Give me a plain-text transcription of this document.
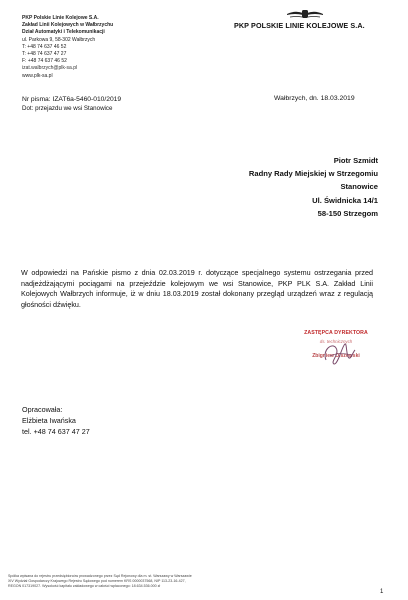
PKP Polskie Linie Kolejowe S.A.
Zakład Linii Kolejowych w Wałbrzychu
Dział Automatyki i Telekomunikacji
ul. Parkowa 9, 58-302 Wałbrzych
T: +48 74 637 46 52
T: +48 74 637 47 27
F: +48 74 637 46 52
izat.walbrzych@plk-sa.pl
www.plk-sa.pl
PKP POLSKIE LINIE KOLEJOWE S.A.
Nr pisma: IZAT6a-5460-010/2019
Dot: przejazdu we wsi Stanowice
Wałbrzych, dn. 18.03.2019
Piotr Szmidt
Radny Rady Miejskiej w Strzegomiu
Stanowice
Ul. Świdnicka 14/1
58-150 Strzegom
W odpowiedzi na Pańskie pismo z dnia 02.03.2019 r. dotyczące specjalnego systemu ostrzegania przed nadjeżdżającymi pociągami na przejeździe kolejowym we wsi Stanowice, PKP PLK S.A. Zakład Linii Kolejowych Wałbrzych informuje, iż w dniu 18.03.2019 został dokonany przegląd urządzeń wraz z regulacją głośności dźwięku.
ZASTĘPCA DYREKTORA
ds. technicznych
Zbigniew Olszowski
Opracowała:
Elżbieta Iwańska
tel. +48 74 637 47 27
Spółka wpisana do rejestru przedsiębiorców prowadzonego przez Sąd Rejonowy dla m. st. Warszawy w Warszawie
XIV Wydział Gospodarczy Krajowego Rejestru Sądowego pod numerem KRS 0000037568, NIP 113-23-16-427,
REGON 017319027. Wysokość kapitału zakładowego w całości wpłaconego: 18.634.536.000 zł
1
